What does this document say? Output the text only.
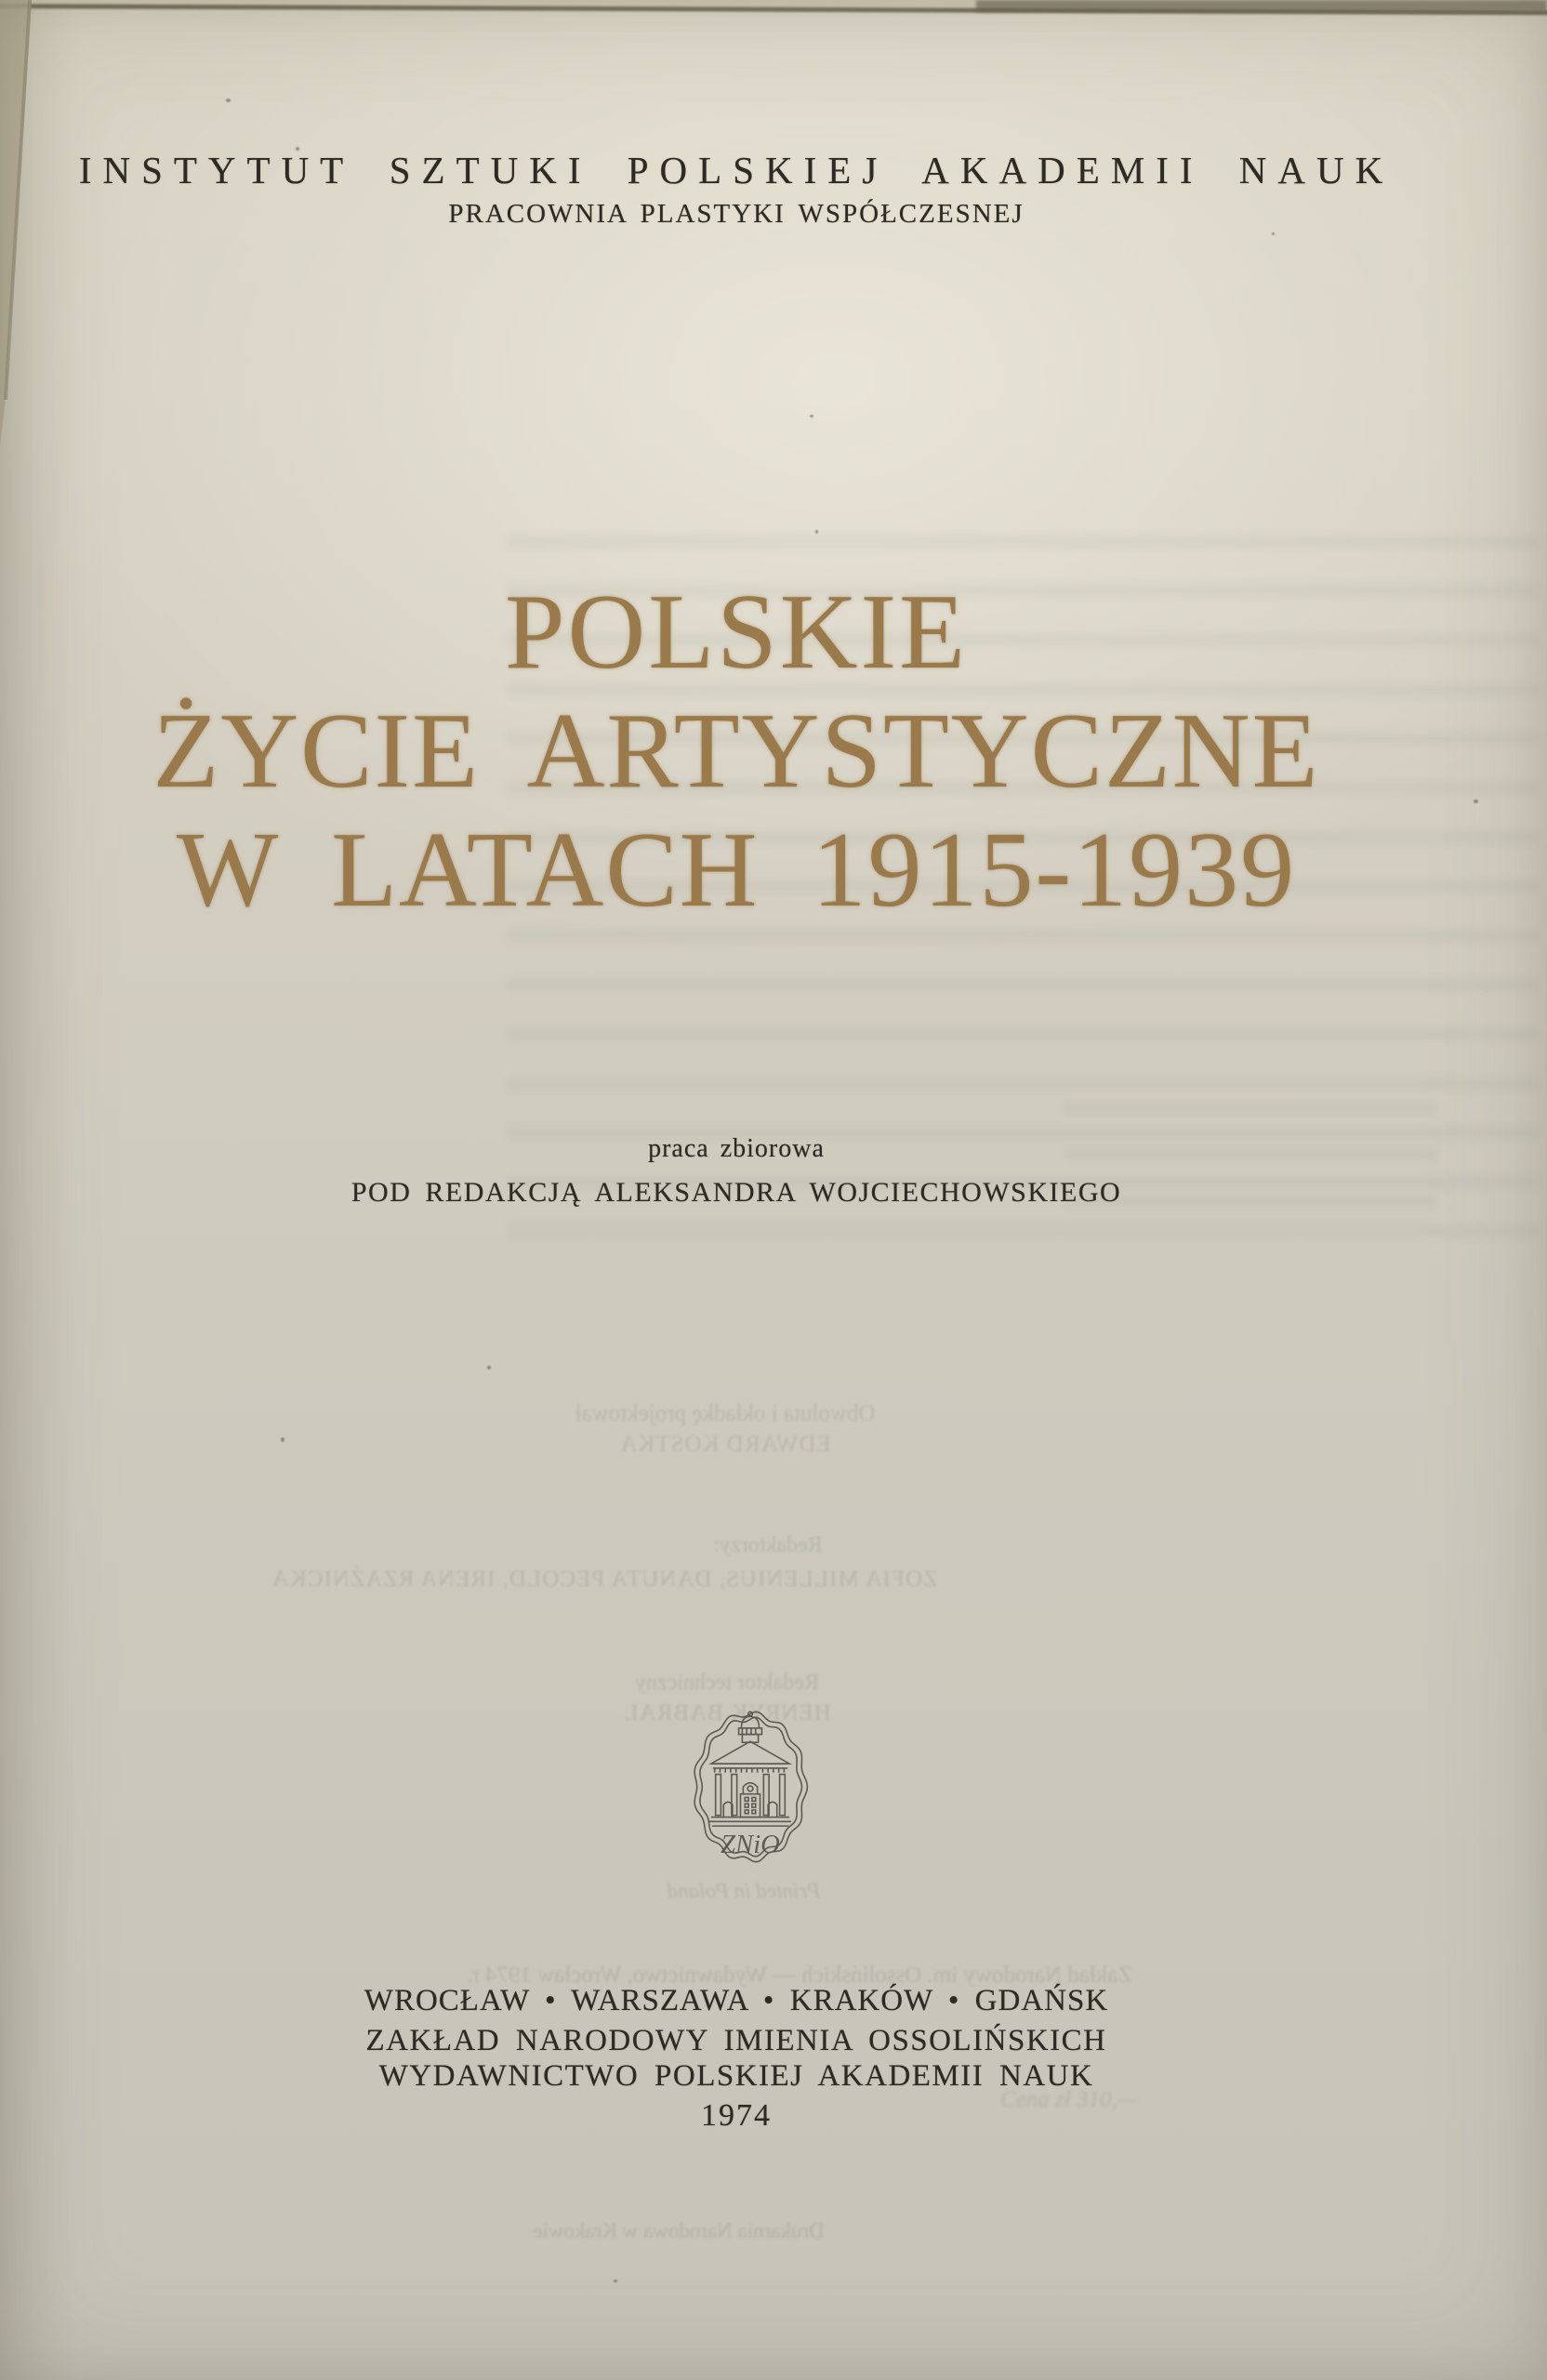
INSTYTUT SZTUKI POLSKIEJ AKADEMII NAUK
PRACOWNIA PLASTYKI WSPÓŁCZESNEJ
POLSKIE
ŻYCIE ARTYSTYCZNE
W LATACH 1915-1939
praca zbiorowa
POD REDAKCJĄ ALEKSANDRA WOJCIECHOWSKIEGO
Obwoluta i okładkę projektował
EDWARD KOSTKA
Redaktorzy:
ZOFIA MILLENIUS, DANUTA PECOLD, IRENA RZAŹNICKA
Redaktor techniczny
HENRYK BABRAL
Printed in Poland
Zakład Narodowy im. Ossolińskich — Wydawnictwo, Wrocław 1974 r.
Cena zł 310,—
Drukarnia Narodowa w Krakowie
ZNiO
WROCŁAW • WARSZAWA • KRAKÓW • GDAŃSK
ZAKŁAD NARODOWY IMIENIA OSSOLIŃSKICH
WYDAWNICTWO POLSKIEJ AKADEMII NAUK
1974
